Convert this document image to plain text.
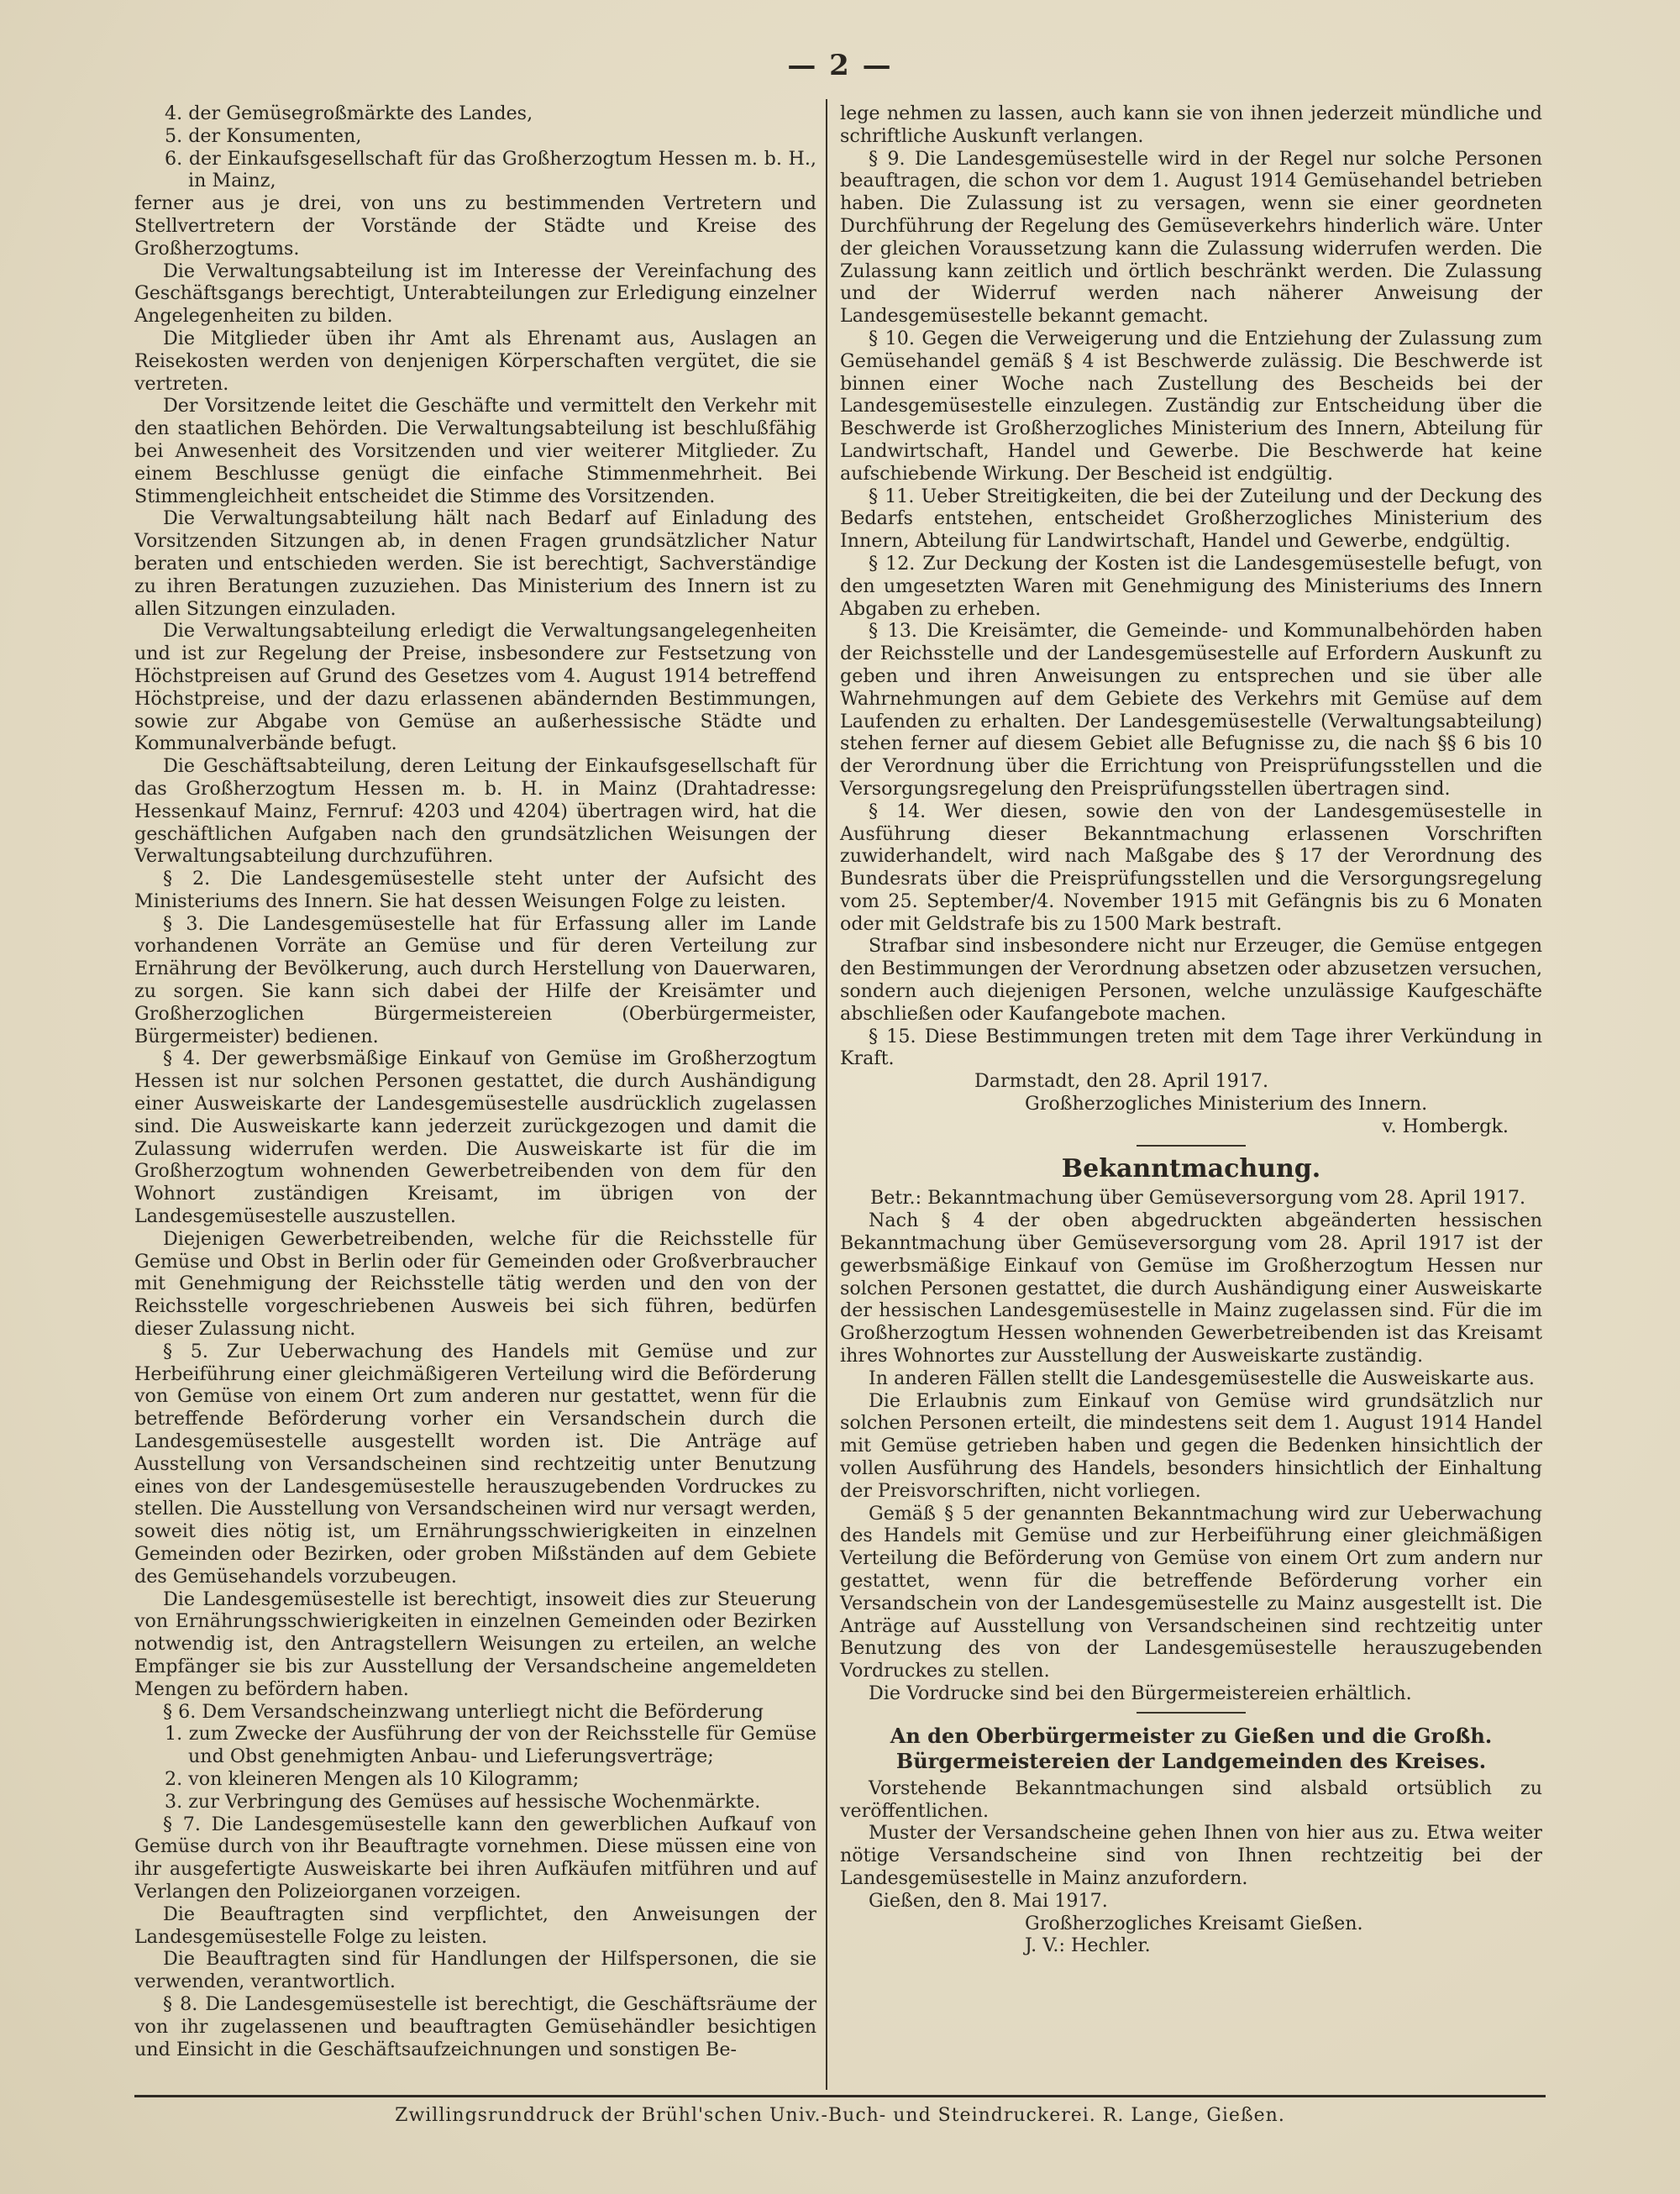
— 2 —

4. der Gemüsegroßmärkte des Landes,

5. der Konsumenten,

6. der Einkaufsgesellschaft für das Großherzogtum Hessen m. b. H., in Mainz,

ferner aus je drei, von uns zu bestimmenden Vertretern und Stellvertretern der Vorstände der Städte und Kreise des Großherzogtums.

Die Verwaltungsabteilung ist im Interesse der Vereinfachung des Geschäftsgangs berechtigt, Unterabteilungen zur Erledigung einzelner Angelegenheiten zu bilden.

Die Mitglieder üben ihr Amt als Ehrenamt aus, Auslagen an Reisekosten werden von denjenigen Körperschaften vergütet, die sie vertreten.

Der Vorsitzende leitet die Geschäfte und vermittelt den Verkehr mit den staatlichen Behörden. Die Verwaltungsabteilung ist beschlußfähig bei Anwesenheit des Vorsitzenden und vier weiterer Mitglieder. Zu einem Beschlusse genügt die einfache Stimmenmehrheit. Bei Stimmengleichheit entscheidet die Stimme des Vorsitzenden.

Die Verwaltungsabteilung hält nach Bedarf auf Einladung des Vorsitzenden Sitzungen ab, in denen Fragen grundsätzlicher Natur beraten und entschieden werden. Sie ist berechtigt, Sachverständige zu ihren Beratungen zuzuziehen. Das Ministerium des Innern ist zu allen Sitzungen einzuladen.

Die Verwaltungsabteilung erledigt die Verwaltungsangelegenheiten und ist zur Regelung der Preise, insbesondere zur Festsetzung von Höchstpreisen auf Grund des Gesetzes vom 4. August 1914 betreffend Höchstpreise, und der dazu erlassenen abändernden Bestimmungen, sowie zur Abgabe von Gemüse an außerhessische Städte und Kommunalverbände befugt.

Die Geschäftsabteilung, deren Leitung der Einkaufsgesellschaft für das Großherzogtum Hessen m. b. H. in Mainz (Drahtadresse: Hessenkauf Mainz, Fernruf: 4203 und 4204) übertragen wird, hat die geschäftlichen Aufgaben nach den grundsätzlichen Weisungen der Verwaltungsabteilung durchzuführen.

§ 2. Die Landesgemüsestelle steht unter der Aufsicht des Ministeriums des Innern. Sie hat dessen Weisungen Folge zu leisten.

§ 3. Die Landesgemüsestelle hat für Erfassung aller im Lande vorhandenen Vorräte an Gemüse und für deren Verteilung zur Ernährung der Bevölkerung, auch durch Herstellung von Dauerwaren, zu sorgen. Sie kann sich dabei der Hilfe der Kreisämter und Großherzoglichen Bürgermeistereien (Oberbürgermeister, Bürgermeister) bedienen.

§ 4. Der gewerbsmäßige Einkauf von Gemüse im Großherzogtum Hessen ist nur solchen Personen gestattet, die durch Aushändigung einer Ausweiskarte der Landesgemüsestelle ausdrücklich zugelassen sind. Die Ausweiskarte kann jederzeit zurückgezogen und damit die Zulassung widerrufen werden. Die Ausweiskarte ist für die im Großherzogtum wohnenden Gewerbetreibenden von dem für den Wohnort zuständigen Kreisamt, im übrigen von der Landesgemüsestelle auszustellen.

Diejenigen Gewerbetreibenden, welche für die Reichsstelle für Gemüse und Obst in Berlin oder für Gemeinden oder Großverbraucher mit Genehmigung der Reichsstelle tätig werden und den von der Reichsstelle vorgeschriebenen Ausweis bei sich führen, bedürfen dieser Zulassung nicht.

§ 5. Zur Ueberwachung des Handels mit Gemüse und zur Herbeiführung einer gleichmäßigeren Verteilung wird die Beförderung von Gemüse von einem Ort zum anderen nur gestattet, wenn für die betreffende Beförderung vorher ein Versandschein durch die Landesgemüsestelle ausgestellt worden ist. Die Anträge auf Ausstellung von Versandscheinen sind rechtzeitig unter Benutzung eines von der Landesgemüsestelle herauszugebenden Vordruckes zu stellen. Die Ausstellung von Versandscheinen wird nur versagt werden, soweit dies nötig ist, um Ernährungsschwierigkeiten in einzelnen Gemeinden oder Bezirken, oder groben Mißständen auf dem Gebiete des Gemüsehandels vorzubeugen.

Die Landesgemüsestelle ist berechtigt, insoweit dies zur Steuerung von Ernährungsschwierigkeiten in einzelnen Gemeinden oder Bezirken notwendig ist, den Antragstellern Weisungen zu erteilen, an welche Empfänger sie bis zur Ausstellung der Versandscheine angemeldeten Mengen zu befördern haben.

§ 6. Dem Versandscheinzwang unterliegt nicht die Beförderung

1. zum Zwecke der Ausführung der von der Reichsstelle für Gemüse und Obst genehmigten Anbau- und Lieferungsverträge;

2. von kleineren Mengen als 10 Kilogramm;

3. zur Verbringung des Gemüses auf hessische Wochenmärkte.

§ 7. Die Landesgemüsestelle kann den gewerblichen Aufkauf von Gemüse durch von ihr Beauftragte vornehmen. Diese müssen eine von ihr ausgefertigte Ausweiskarte bei ihren Aufkäufen mitführen und auf Verlangen den Polizeiorganen vorzeigen.

Die Beauftragten sind verpflichtet, den Anweisungen der Landesgemüsestelle Folge zu leisten.

Die Beauftragten sind für Handlungen der Hilfspersonen, die sie verwenden, verantwortlich.

§ 8. Die Landesgemüsestelle ist berechtigt, die Geschäftsräume der von ihr zugelassenen und beauftragten Gemüsehändler besichtigen und Einsicht in die Geschäftsaufzeichnungen und sonstigen Be-

lege nehmen zu lassen, auch kann sie von ihnen jederzeit mündliche und schriftliche Auskunft verlangen.

§ 9. Die Landesgemüsestelle wird in der Regel nur solche Personen beauftragen, die schon vor dem 1. August 1914 Gemüsehandel betrieben haben. Die Zulassung ist zu versagen, wenn sie einer geordneten Durchführung der Regelung des Gemüseverkehrs hinderlich wäre. Unter der gleichen Voraussetzung kann die Zulassung widerrufen werden. Die Zulassung kann zeitlich und örtlich beschränkt werden. Die Zulassung und der Widerruf werden nach näherer Anweisung der Landesgemüsestelle bekannt gemacht.

§ 10. Gegen die Verweigerung und die Entziehung der Zulassung zum Gemüsehandel gemäß § 4 ist Beschwerde zulässig. Die Beschwerde ist binnen einer Woche nach Zustellung des Bescheids bei der Landesgemüsestelle einzulegen. Zuständig zur Entscheidung über die Beschwerde ist Großherzogliches Ministerium des Innern, Abteilung für Landwirtschaft, Handel und Gewerbe. Die Beschwerde hat keine aufschiebende Wirkung. Der Bescheid ist endgültig.

§ 11. Ueber Streitigkeiten, die bei der Zuteilung und der Deckung des Bedarfs entstehen, entscheidet Großherzogliches Ministerium des Innern, Abteilung für Landwirtschaft, Handel und Gewerbe, endgültig.

§ 12. Zur Deckung der Kosten ist die Landesgemüsestelle befugt, von den umgesetzten Waren mit Genehmigung des Ministeriums des Innern Abgaben zu erheben.

§ 13. Die Kreisämter, die Gemeinde- und Kommunalbehörden haben der Reichsstelle und der Landesgemüsestelle auf Erfordern Auskunft zu geben und ihren Anweisungen zu entsprechen und sie über alle Wahrnehmungen auf dem Gebiete des Verkehrs mit Gemüse auf dem Laufenden zu erhalten. Der Landesgemüsestelle (Verwaltungsabteilung) stehen ferner auf diesem Gebiet alle Befugnisse zu, die nach §§ 6 bis 10 der Verordnung über die Errichtung von Preisprüfungsstellen und die Versorgungsregelung den Preisprüfungsstellen übertragen sind.

§ 14. Wer diesen, sowie den von der Landesgemüsestelle in Ausführung dieser Bekanntmachung erlassenen Vorschriften zuwiderhandelt, wird nach Maßgabe des § 17 der Verordnung des Bundesrats über die Preisprüfungsstellen und die Versorgungsregelung vom 25. September/4. November 1915 mit Gefängnis bis zu 6 Monaten oder mit Geldstrafe bis zu 1500 Mark bestraft.

Strafbar sind insbesondere nicht nur Erzeuger, die Gemüse entgegen den Bestimmungen der Verordnung absetzen oder abzusetzen versuchen, sondern auch diejenigen Personen, welche unzulässige Kaufgeschäfte abschließen oder Kaufangebote machen.

§ 15. Diese Bestimmungen treten mit dem Tage ihrer Verkündung in Kraft.

Darmstadt, den 28. April 1917.

Großherzogliches Ministerium des Innern.

v. Hombergk.

Bekanntmachung.

Betr.: Bekanntmachung über Gemüseversorgung vom 28. April 1917.

Nach § 4 der oben abgedruckten abgeänderten hessischen Bekanntmachung über Gemüseversorgung vom 28. April 1917 ist der gewerbsmäßige Einkauf von Gemüse im Großherzogtum Hessen nur solchen Personen gestattet, die durch Aushändigung einer Ausweiskarte der hessischen Landesgemüsestelle in Mainz zugelassen sind. Für die im Großherzogtum Hessen wohnenden Gewerbetreibenden ist das Kreisamt ihres Wohnortes zur Ausstellung der Ausweiskarte zuständig.

In anderen Fällen stellt die Landesgemüsestelle die Ausweiskarte aus.

Die Erlaubnis zum Einkauf von Gemüse wird grundsätzlich nur solchen Personen erteilt, die mindestens seit dem 1. August 1914 Handel mit Gemüse getrieben haben und gegen die Bedenken hinsichtlich der vollen Ausführung des Handels, besonders hinsichtlich der Einhaltung der Preisvorschriften, nicht vorliegen.

Gemäß § 5 der genannten Bekanntmachung wird zur Ueberwachung des Handels mit Gemüse und zur Herbeiführung einer gleichmäßigen Verteilung die Beförderung von Gemüse von einem Ort zum andern nur gestattet, wenn für die betreffende Beförderung vorher ein Versandschein von der Landesgemüsestelle zu Mainz ausgestellt ist. Die Anträge auf Ausstellung von Versandscheinen sind rechtzeitig unter Benutzung des von der Landesgemüsestelle herauszugebenden Vordruckes zu stellen.

Die Vordrucke sind bei den Bürgermeistereien erhältlich.

An den Oberbürgermeister zu Gießen und die Großh. Bürgermeistereien der Landgemeinden des Kreises.

Vorstehende Bekanntmachungen sind alsbald ortsüblich zu veröffentlichen.

Muster der Versandscheine gehen Ihnen von hier aus zu. Etwa weiter nötige Versandscheine sind von Ihnen rechtzeitig bei der Landesgemüsestelle in Mainz anzufordern.

Gießen, den 8. Mai 1917.

Großherzogliches Kreisamt Gießen.

J. V.: Hechler.

Zwillingsrunddruck der Brühl'schen Univ.-Buch- und Steindruckerei. R. Lange, Gießen.
